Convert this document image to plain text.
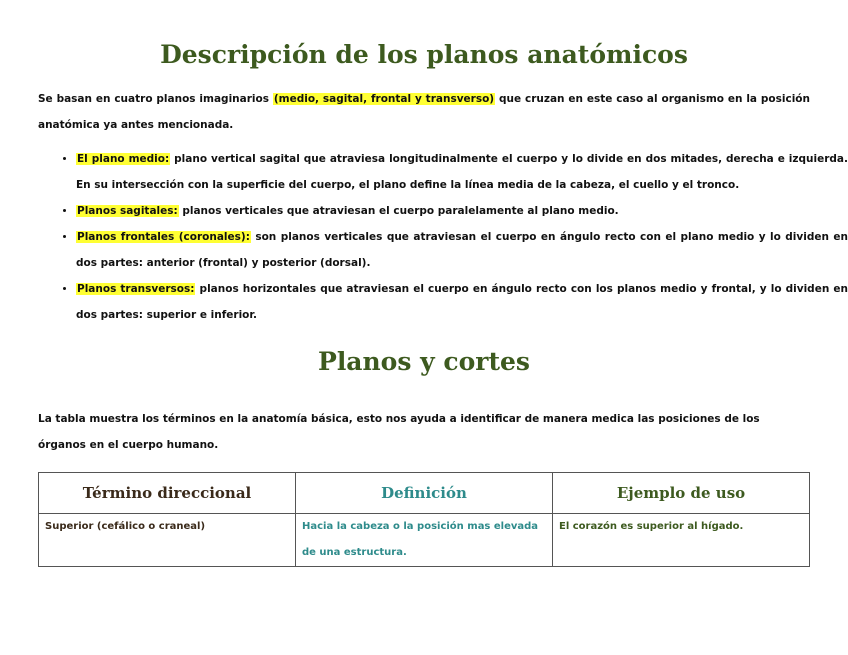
Descripción de los planos anatómicos

Se basan en cuatro planos imaginarios (medio, sagital, frontal y transverso) que cruzan en este caso al organismo en la posición anatómica ya antes mencionada.

• El plano medio: plano vertical sagital que atraviesa longitudinalmente el cuerpo y lo divide en dos mitades, derecha e izquierda. En su intersección con la superficie del cuerpo, el plano define la línea media de la cabeza, el cuello y el tronco.
• Planos sagitales: planos verticales que atraviesan el cuerpo paralelamente al plano medio.
• Planos frontales (coronales): son planos verticales que atraviesan el cuerpo en ángulo recto con el plano medio y lo dividen en dos partes: anterior (frontal) y posterior (dorsal).
• Planos transversos: planos horizontales que atraviesan el cuerpo en ángulo recto con los planos medio y frontal, y lo dividen en dos partes: superior e inferior.
Planos y cortes

La tabla muestra los términos en la anatomía básica, esto nos ayuda a identificar de manera medica las posiciones de los órganos en el cuerpo humano.

Término direccional	Definición	Ejemplo de uso
Superior (cefálico o craneal)	Hacia la cabeza o la posición mas elevada de una estructura.	El corazón es superior al hígado.
